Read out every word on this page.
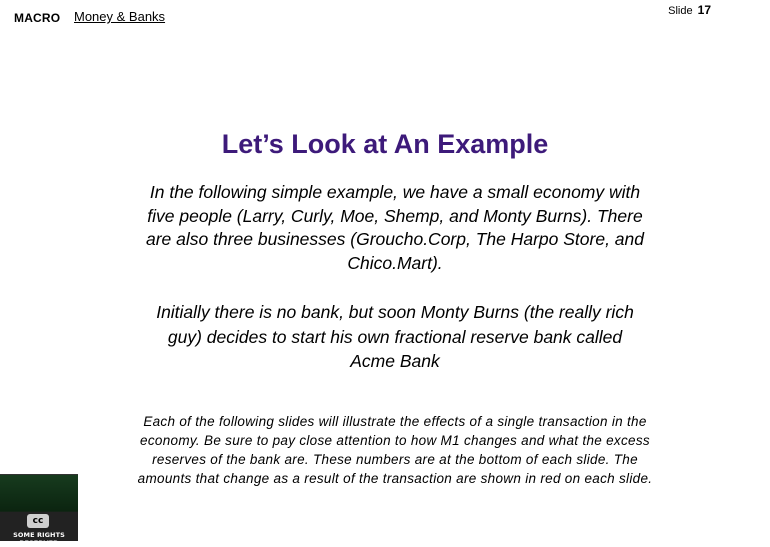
MACRO Money & Banks	Slide 17
Let’s Look at An Example
In the following simple example, we have a small economy with five people (Larry, Curly, Moe, Shemp, and Monty Burns). There are also three businesses (Groucho.Corp, The Harpo Store, and Chico.Mart).
Initially there is no bank, but soon Monty Burns (the really rich guy) decides to start his own fractional reserve bank called Acme Bank
Each of the following slides will illustrate the effects of a single transaction in the economy. Be sure to pay close attention to how M1 changes and what the excess reserves of the bank are. These numbers are at the bottom of each slide. The amounts that change as a result of the transaction are shown in red on each slide.
cc
SOME RIGHTS RESERVED
